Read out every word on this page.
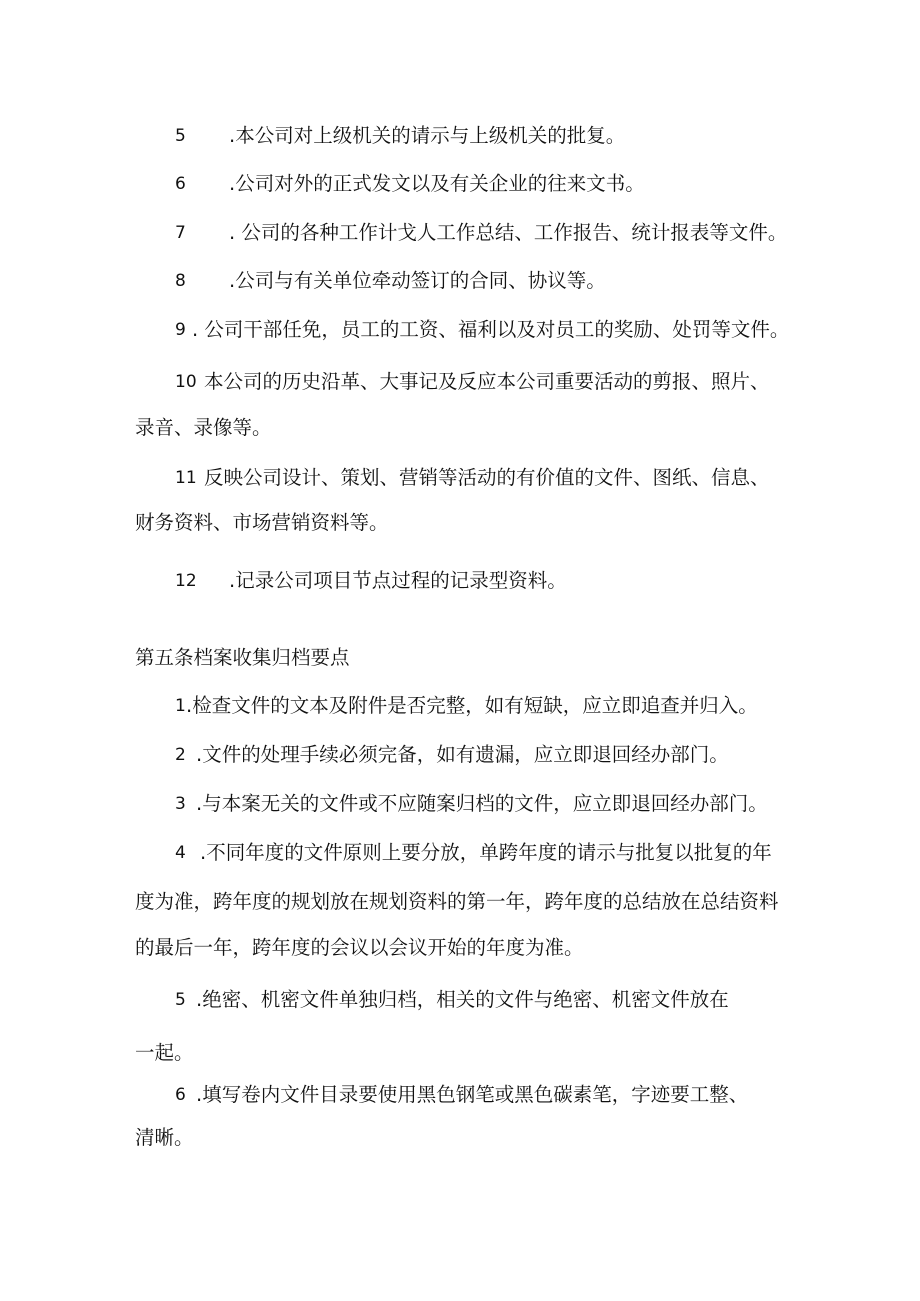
5 .本公司对上级机关的请示与上级机关的批复。
6 .公司对外的正式发文以及有关企业的往来文书。
7 . 公司的各种工作计戈人工作总结、工作报告、统计报表等文件。
8 .公司与有关单位牵动签订的合同、协议等。
9 . 公司干部任免，员工的工资、福利以及对员工的奖励、处罚等文件。
10 本公司的历史沿革、大事记及反应本公司重要活动的剪报、照片、
录音、录像等。
11 反映公司设计、策划、营销等活动的有价值的文件、图纸、信息、
财务资料、市场营销资料等。
12 .记录公司项目节点过程的记录型资料。
第五条档案收集归档要点
1 .检查文件的文本及附件是否完整，如有短缺，应立即追查并归入。
2 .文件的处理手续必须完备，如有遗漏，应立即退回经办部门。
3 .与本案无关的文件或不应随案归档的文件，应立即退回经办部门。
4 .不同年度的文件原则上要分放，单跨年度的请示与批复以批复的年
度为准，跨年度的规划放在规划资料的第一年，跨年度的总结放在总结资料
的最后一年，跨年度的会议以会议开始的年度为准。
5 .绝密、机密文件单独归档，相关的文件与绝密、机密文件放在
一起。
6 .填写卷内文件目录要使用黑色钢笔或黑色碳素笔，字迹要工整、
清晰。
